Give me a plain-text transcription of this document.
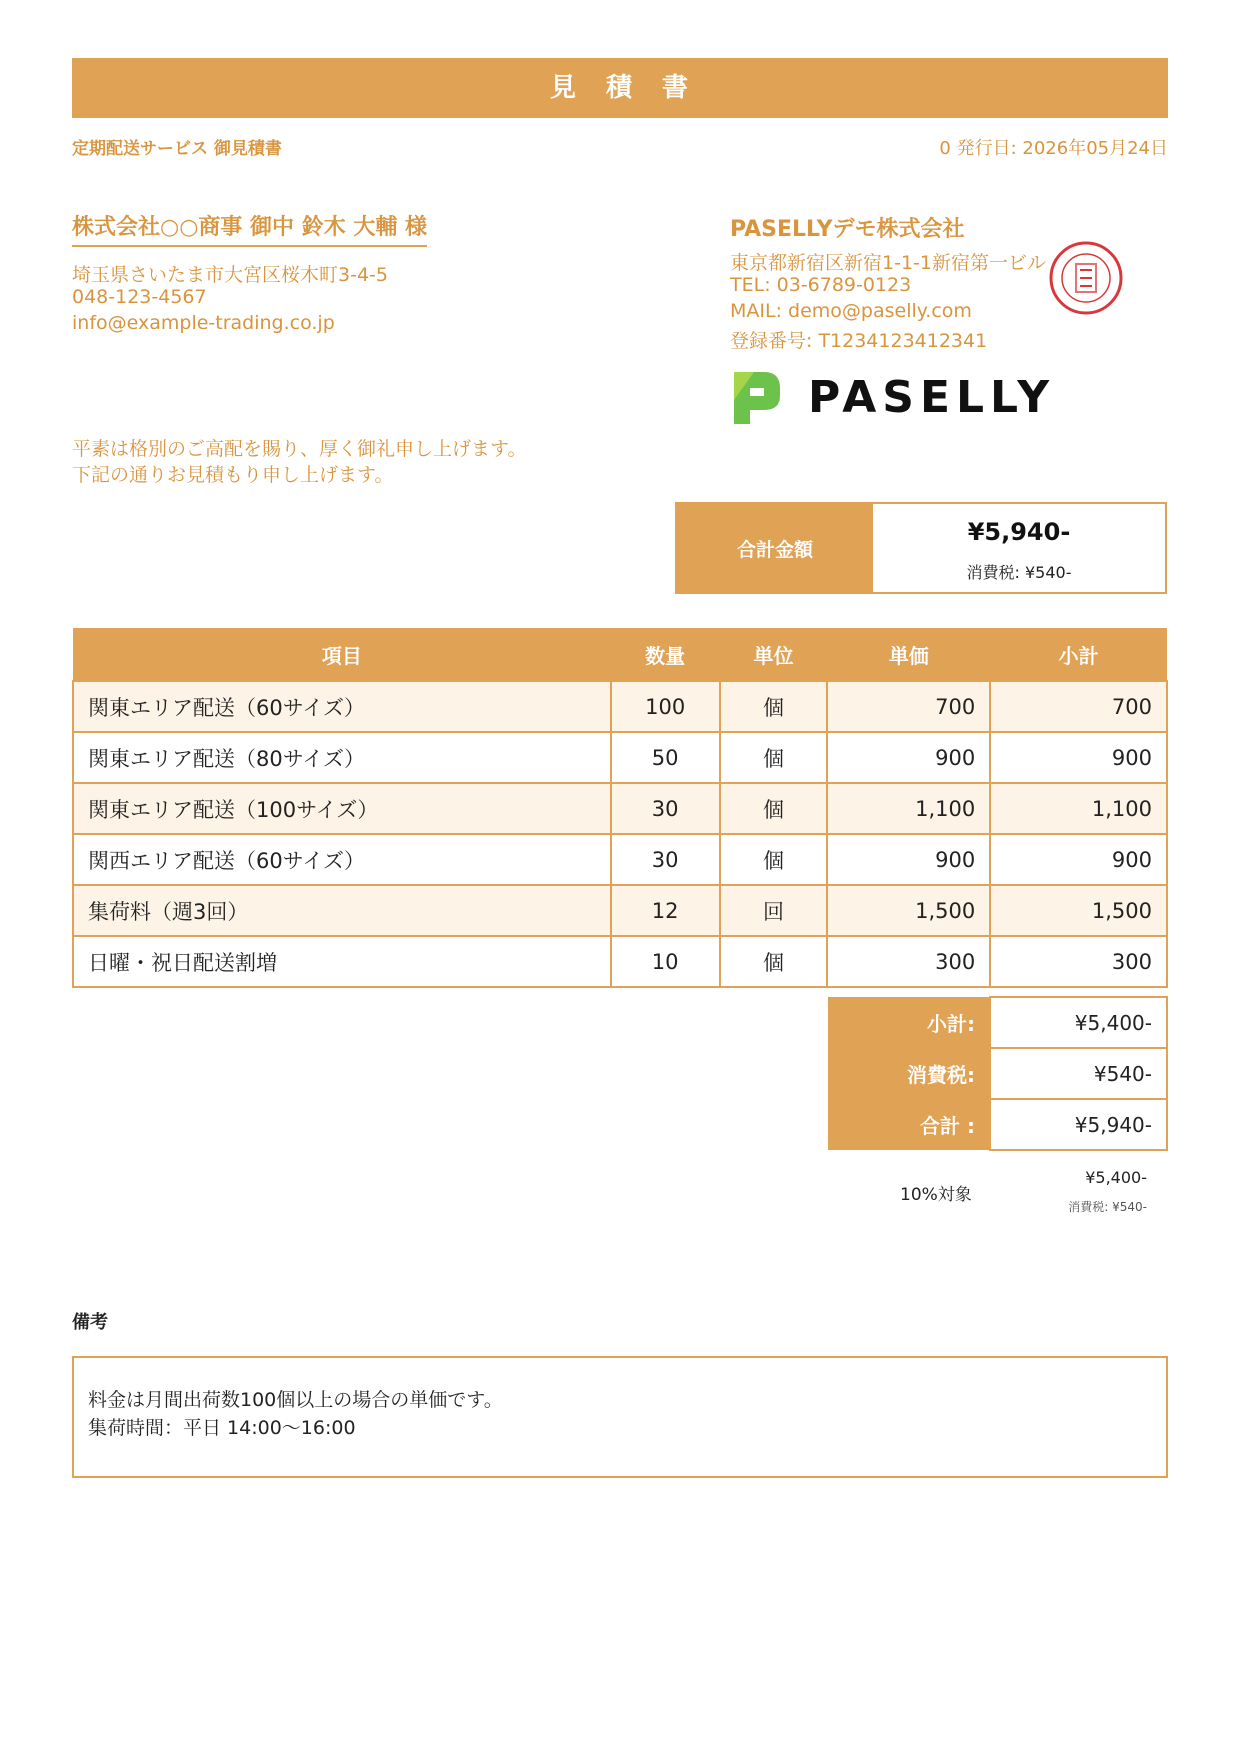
見　積　書
定期配送サービス 御見積書	0 発行日: 2026年05月24日
株式会社○○商事 御中 鈴木 大輔 様
埼玉県さいたま市大宮区桜木町3-4-5
048-123-4567
info@example-trading.co.jp
PASELLYデモ株式会社
東京都新宿区新宿1-1-1新宿第一ビル
TEL: 03-6789-0123
MAIL: demo@paselly.com
登録番号: T1234123412341
PASELLY
平素は格別のご高配を賜り、厚く御礼申し上げます。
下記の通りお見積もり申し上げます。
合計金額
¥5,940-
消費税: ¥540-
項目	数量	単位	単価	小計
関東エリア配送（60サイズ）	100	個	700	700
関東エリア配送（80サイズ）	50	個	900	900
関東エリア配送（100サイズ）	30	個	1,100	1,100
関西エリア配送（60サイズ）	30	個	900	900
集荷料（週3回）	12	回	1,500	1,500
日曜・祝日配送割増	10	個	300	300
小計:	¥5,400-
消費税:	¥540-
合計 :	¥5,940-
10%対象
¥5,400-
消費税: ¥540-
備考
料金は月間出荷数100個以上の場合の単価です。
集荷時間：平日 14:00〜16:00
